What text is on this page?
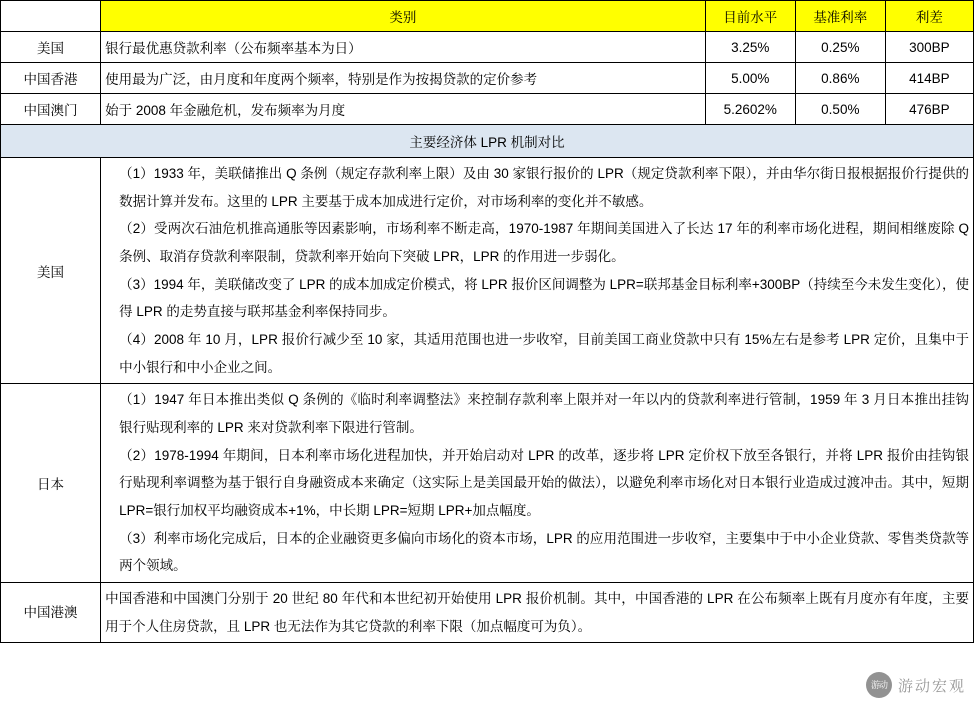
	类别	目前水平	基准利率	利差
美国	银行最优惠贷款利率（公布频率基本为日）	3.25%	0.25%	300BP
中国香港	使用最为广泛，由月度和年度两个频率，特别是作为按揭贷款的定价参考	5.00%	0.86%	414BP
中国澳门	始于 2008 年金融危机，发布频率为月度	5.2602%	0.50%	476BP
主要经济体 LPR 机制对比				
美国	（1）1933 年，美联储推出 Q 条例（规定存款利率上限）及由 30 家银行报价的 LPR（规定贷款利率下限），并由华尔街日报根据报价行提供的数据计算并发布。这里的 LPR 主要基于成本加成进行定价，对市场利率的变化并不敏感。

（2）受两次石油危机推高通胀等因素影响，市场利率不断走高，1970-1987 年期间美国进入了长达 17 年的利率市场化进程，期间相继废除 Q 条例、取消存贷款利率限制，贷款利率开始向下突破 LPR，LPR 的作用进一步弱化。

（3）1994 年，美联储改变了 LPR 的成本加成定价模式，将 LPR 报价区间调整为 LPR=联邦基金目标利率+300BP（持续至今未发生变化），使得 LPR 的走势直接与联邦基金利率保持同步。

（4）2008 年 10 月，LPR 报价行减少至 10 家，其适用范围也进一步收窄，目前美国工商业贷款中只有 15%左右是参考 LPR 定价，且集中于中小银行和中小企业之间。			

日本	（1）1947 年日本推出类似 Q 条例的《临时利率调整法》来控制存款利率上限并对一年以内的贷款利率进行管制，1959 年 3 月日本推出挂钩银行贴现利率的 LPR 来对贷款利率下限进行管制。

（2）1978-1994 年期间，日本利率市场化进程加快，并开始启动对 LPR 的改革，逐步将 LPR 定价权下放至各银行，并将 LPR 报价由挂钩银行贴现利率调整为基于银行自身融资成本来确定（这实际上是美国最开始的做法），以避免利率市场化对日本银行业造成过渡冲击。其中，短期 LPR=银行加权平均融资成本+1%，中长期 LPR=短期 LPR+加点幅度。

（3）利率市场化完成后，日本的企业融资更多偏向市场化的资本市场，LPR 的应用范围进一步收窄，主要集中于中小企业贷款、零售类贷款等两个领域。			

中国港澳	中国香港和中国澳门分别于 20 世纪 80 年代和本世纪初开始使用 LPR 报价机制。其中，中国香港的 LPR 在公布频率上既有月度亦有年度，主要用于个人住房贷款，且 LPR 也无法作为其它贷款的利率下限（加点幅度可为负）。			

游动 游动宏观
